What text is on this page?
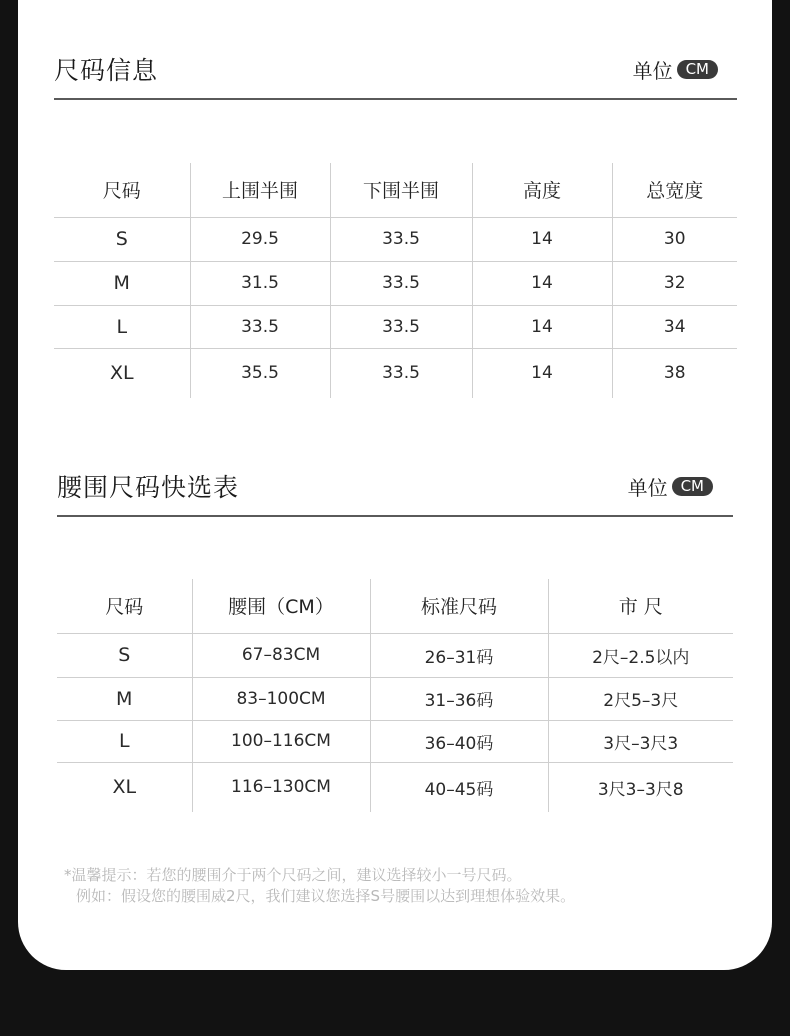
尺码信息	单位 CM
尺码	上围半围	下围半围	高度	总宽度
S	29.5	33.5	14	30
M	31.5	33.5	14	32
L	33.5	33.5	14	34
XL	35.5	33.5	14	38
腰围尺码快选表	单位 CM
尺码	腰围（CM）	标准尺码	市 尺
S	67–83CM	26–31码	2尺–2.5以内
M	83–100CM	31–36码	2尺5–3尺
L	100–116CM	36–40码	3尺–3尺3
XL	116–130CM	40–45码	3尺3–3尺8
*温馨提示：若您的腰围介于两个尺码之间，建议选择较小一号尺码。
例如：假设您的腰围威2尺，我们建议您选择S号腰围以达到理想体验效果。
